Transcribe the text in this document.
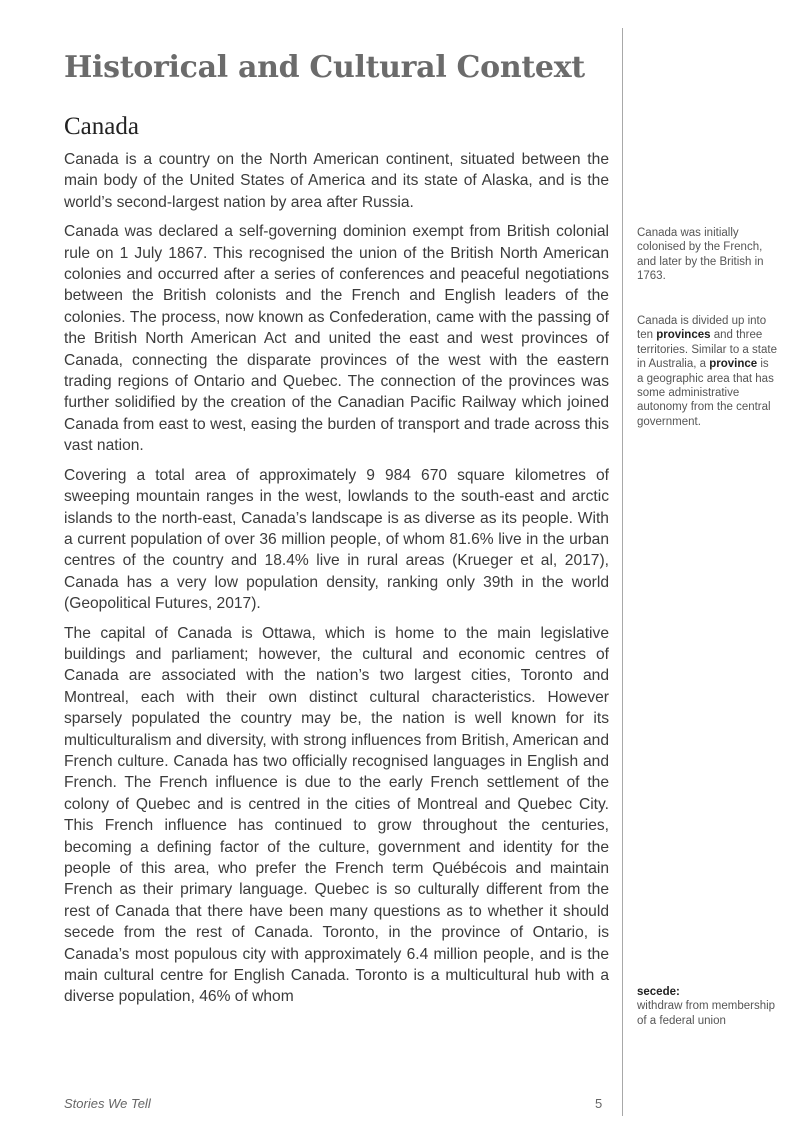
Historical and Cultural Context
Canada

Canada is a country on the North American continent, situated between the main body of the United States of America and its state of Alaska, and is the world’s second-largest nation by area after Russia.

Canada was declared a self-governing dominion exempt from British colonial rule on 1 July 1867. This recognised the union of the British North American colonies and occurred after a series of conferences and peaceful negotiations between the British colonists and the French and English leaders of the colonies. The process, now known as Confederation, came with the passing of the British North American Act and united the east and west provinces of Canada, connecting the disparate provinces of the west with the eastern trading regions of Ontario and Quebec. The connection of the provinces was further solidified by the creation of the Canadian Pacific Railway which joined Canada from east to west, easing the burden of transport and trade across this vast nation.

Covering a total area of approximately 9 984 670 square kilometres of sweeping mountain ranges in the west, lowlands to the south-east and arctic islands to the north-east, Canada’s landscape is as diverse as its people. With a current population of over 36 million people, of whom 81.6% live in the urban centres of the country and 18.4% live in rural areas (Krueger et al, 2017), Canada has a very low population density, ranking only 39th in the world (Geopolitical Futures, 2017).

The capital of Canada is Ottawa, which is home to the main legislative buildings and parliament; however, the cultural and economic centres of Canada are associated with the nation’s two largest cities, Toronto and Montreal, each with their own distinct cultural characteristics. However sparsely populated the country may be, the nation is well known for its multiculturalism and diversity, with strong influences from British, American and French culture. Canada has two officially recognised languages in English and French. The French influence is due to the early French settlement of the colony of Quebec and is centred in the cities of Montreal and Quebec City. This French influence has continued to grow throughout the centuries, becoming a defining factor of the culture, government and identity for the people of this area, who prefer the French term Québécois and maintain French as their primary language. Quebec is so culturally different from the rest of Canada that there have been many questions as to whether it should secede from the rest of Canada. Toronto, in the province of Ontario, is Canada’s most populous city with approximately 6.4 million people, and is the main cultural centre for English Canada. Toronto is a multicultural hub with a diverse population, 46% of whom

Canada was initially colonised by the French, and later by the British in 1763.
Canada is divided up into ten provinces and three territories. Similar to a state in Australia, a province is a geographic area that has some administrative autonomy from the central government.
secede:
withdraw from membership of a federal union
Stories We Tell	5
